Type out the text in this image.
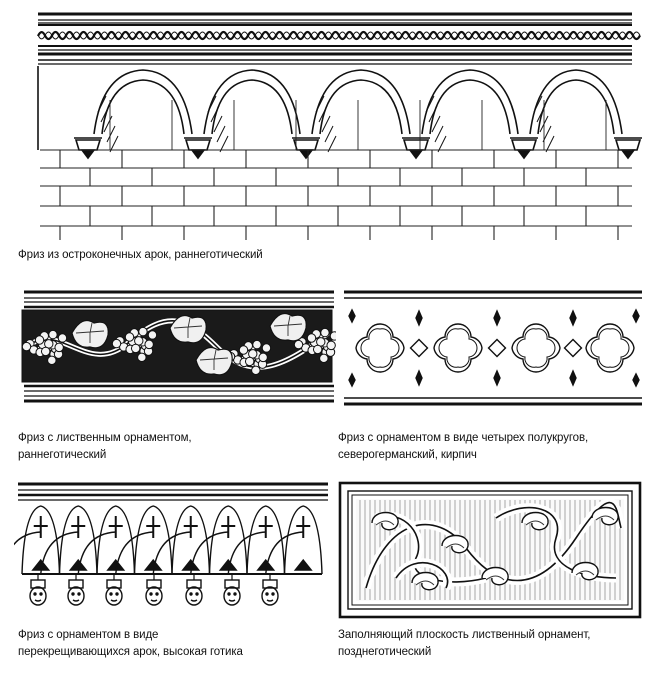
Фриз из остроконечных арок, раннеготический
Фриз с лиственным орнаментом,
раннеготический
Фриз с орнаментом в виде четырех полукругов,
северогерманский, кирпич
Фриз с орнаментом в виде
перекрещивающихся арок, высокая готика
Заполняющий плоскость лиственный орнамент,
позднеготический
